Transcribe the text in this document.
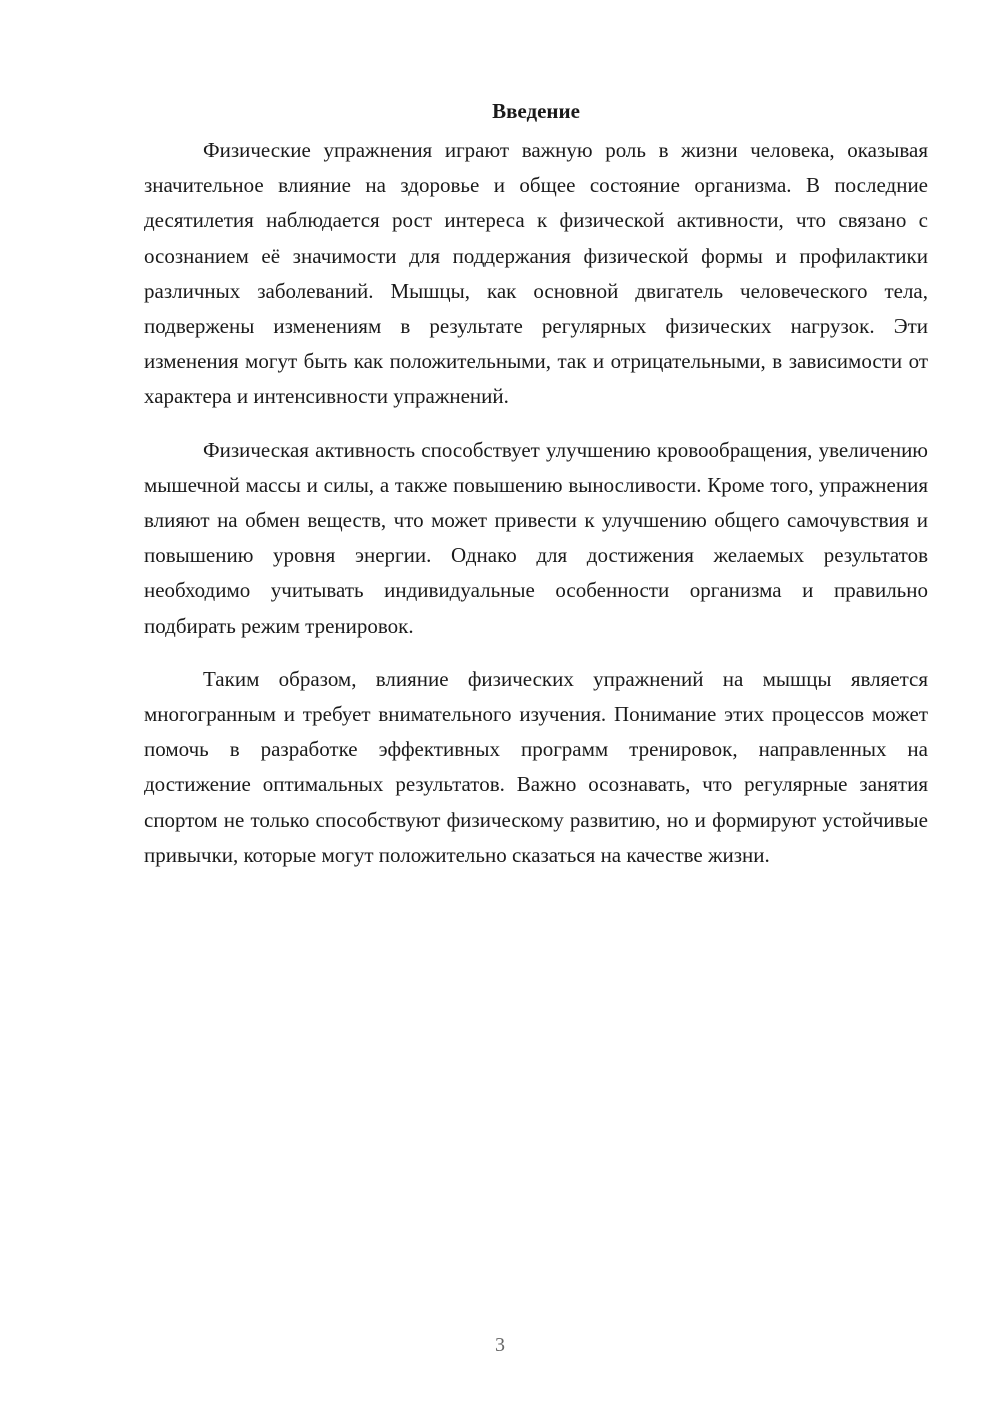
Введение

Физические упражнения играют важную роль в жизни человека, оказывая значительное влияние на здоровье и общее состояние организма. В последние десятилетия наблюдается рост интереса к физической активности, что связано с осознанием её значимости для поддержания физической формы и профилактики различных заболеваний. Мышцы, как основной двигатель человеческого тела, подвержены изменениям в результате регулярных физических нагрузок. Эти изменения могут быть как положительными, так и отрицательными, в зависимости от характера и интенсивности упражнений.

Физическая активность способствует улучшению кровообращения, увеличению мышечной массы и силы, а также повышению выносливости. Кроме того, упражнения влияют на обмен веществ, что может привести к улучшению общего самочувствия и повышению уровня энергии. Однако для достижения желаемых результатов необходимо учитывать индивидуальные особенности организма и правильно подбирать режим тренировок.

Таким образом, влияние физических упражнений на мышцы является многогранным и требует внимательного изучения. Понимание этих процессов может помочь в разработке эффективных программ тренировок, направленных на достижение оптимальных результатов. Важно осознавать, что регулярные занятия спортом не только способствуют физическому развитию, но и формируют устойчивые привычки, которые могут положительно сказаться на качестве жизни.

3
